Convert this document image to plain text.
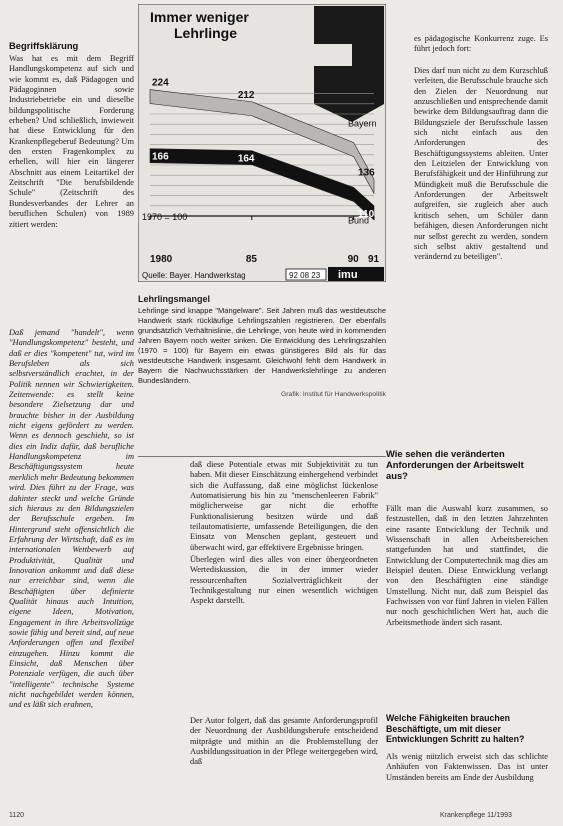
Begriffsklärung

Was hat es mit dem Begriff Handlungskompetenz auf sich und wie kommt es, daß Pädagogen und Pädagoginnen sowie Industriebetriebe ein und dieselbe bildungspolitische Forderung erheben? Und schließlich, inwieweit hat diese Entwicklung für den Krankenpflegeberuf Bedeutung? Um den ersten Fragenkomplex zu erhellen, will hier ein längerer Abschnitt aus einem Leitartikel der Zeitschrift "Die berufsbildende Schule" (Zeitschrift des Bundesverbandes der Lehrer an beruflichen Schulen) von 1989 zitiert werden:

Daß jemand "handelt", wenn "Handlungskompetenz" besteht, und daß er dies "kompetent" tut, wird im Berufsleben als sich selbstverständlich erachtet, in der Politik nennen wir Schwierigkeiten. Zeitenwende: es stellt keine besondere Zielsetzung dar und brauchte bisher in der Ausbildung nicht eigens gefördert zu werden. Wenn es dennoch geschieht, so ist dies ein Indiz dafür, daß berufliche Handlungskompetenz im Beschäftigungssystem heute merklich mehr Bedeutung bekommen wird. Dies führt zu der Frage, was dahinter steckt und welche Gründe sich hieraus zu den Bildungszielen der Berufsschule ergeben. Im Hintergrund steht offensichtlich die Erfahrung der Wirtschaft, daß es im internationalen Wettbewerb auf Produktivität, Qualität und Innovation ankommt und daß diese nur erreichbar sind, wenn die Beschäftigten über definierte Qualität hinaus auch Intuition, eigene Ideen, Motivation, Engagement in ihre Arbeitsvollzüge sowie fähig und bereit sind, auf neue Anforderungen offen und flexibel einzugehen. Hinzu kommt die Einsicht, daß Menschen über Potenziale verfügen, die auch über "intelligente" technische Systeme nicht nachgebildet werden können, und es läßt sich erahnen,

Immer weniger
Lehrlinge
1970 = 100
224
212
136
Bayern
166	164
110
Bund
1980	85	90 91
Quelle: Bayer. Handwerkstag	92 08 23 imu
Lehrlingsmangel
Lehrlinge sind knappe "Mangelware". Seit Jahren muß das westdeutsche Handwerk stark rückläufige Lehrlingszahlen registrieren. Der ebenfalls grundsätzlich Verhältnislinie, die Lehrlinge, von heute wird in kommenden Jahren Bayern noch weiter sinken. Die Entwicklung des Lehrlingszahlen (1970 = 100) für Bayern ein etwas günstigeres Bild als für das westdeutsche Handwerk insgesamt. Gleichwohl fehlt dem Handwerk in Bayern die Nachwuchsstärken der Handwerkslehrlinge zu anderen Bundesländern.
Grafik: Institut für Handwerkspolitik

daß diese Potentiale etwas mit Subjektivität zu tun haben. Mit dieser Einschätzung einhergehend verbindet sich die Auffassung, daß eine möglichst lückenlose Automatisierung bis hin zu "menschenleeren Fabrik" möglicherweise gar nicht die erhoffte Funktionalisierung besitzen würde und daß teilautomatisierte, umfassende Beteiligungen, die den Einsatz von Menschen geplant, gesteuert und überwacht wird, gar effektivere Ergebnisse bringen.

Überlegen wird dies alles von einer übergeordneten Wertediskussion, die in der immer wieder ressourcenhaften Sozialverträglichkeit der Technikgestaltung nur einen wesentlich wichtigen Aspekt darstellt.

Der Autor folgert, daß das gesamte Anforderungsprofil der Neuordnung der Ausbildungsberufe entscheidend mitprägte und mithin an die Problemstellung der Ausbildungssituation in der Pflege weitergegeben wird, daß

es pädagogische Konkurrenz zuge. Es führt jedoch fort:

Dies darf nun nicht zu dem Kurzschluß verleiten, die Berufsschule brauche sich den Zielen der Neuordnung nur anzuschließen und entsprechende damit bewirke dem Bildungsauftrag dann die Bildungsziele der Berufsschule lassen sich nicht einfach aus den Anforderungen des Beschäftigungssystems ableiten. Unter den Leitzielen der Entwicklung von Berufsfähigkeit und der Hinführung zur Mündigkeit muß die Berufsschule die Anforderungen der Arbeitswelt aufgreifen, sie zugleich aber auch kritisch sehen, um Schüler dann befähigen, diesen Anforderungen nicht nur selbst gerecht zu werden, sondern sich selbst aktiv gestaltend und verändernd zu beteiligen".

Wie sehen die veränderten Anforderungen der Arbeitswelt aus?

Fällt man die Auswahl kurz zusammen, so festzustellen, daß in den letzten Jahrzehnten eine rasante Entwicklung der Technik und Wissenschaft in allen Arbeitsbereichen stattgefunden hat und stattfindet, die Entwicklung der Computertechnik mag dies am Beispiel deuten. Diese Entwicklung verlangt von den Beschäftigten eine ständige Umstellung. Nicht nur, daß zum Beispiel das Fachwissen von vor fünf Jahren in vielen Fällen nur noch geschichtlichen Wert hat, auch die Arbeitsmethode ändert sich rasant.

Welche Fähigkeiten brauchen Beschäftigte, um mit dieser Entwicklungen Schritt zu halten?

Als wenig nützlich erweist sich das schlichte Anhäufen von Faktenwissen. Das ist unter Umständen bereits am Ende der Ausbildung

1120	Krankenpflege 11/1993
